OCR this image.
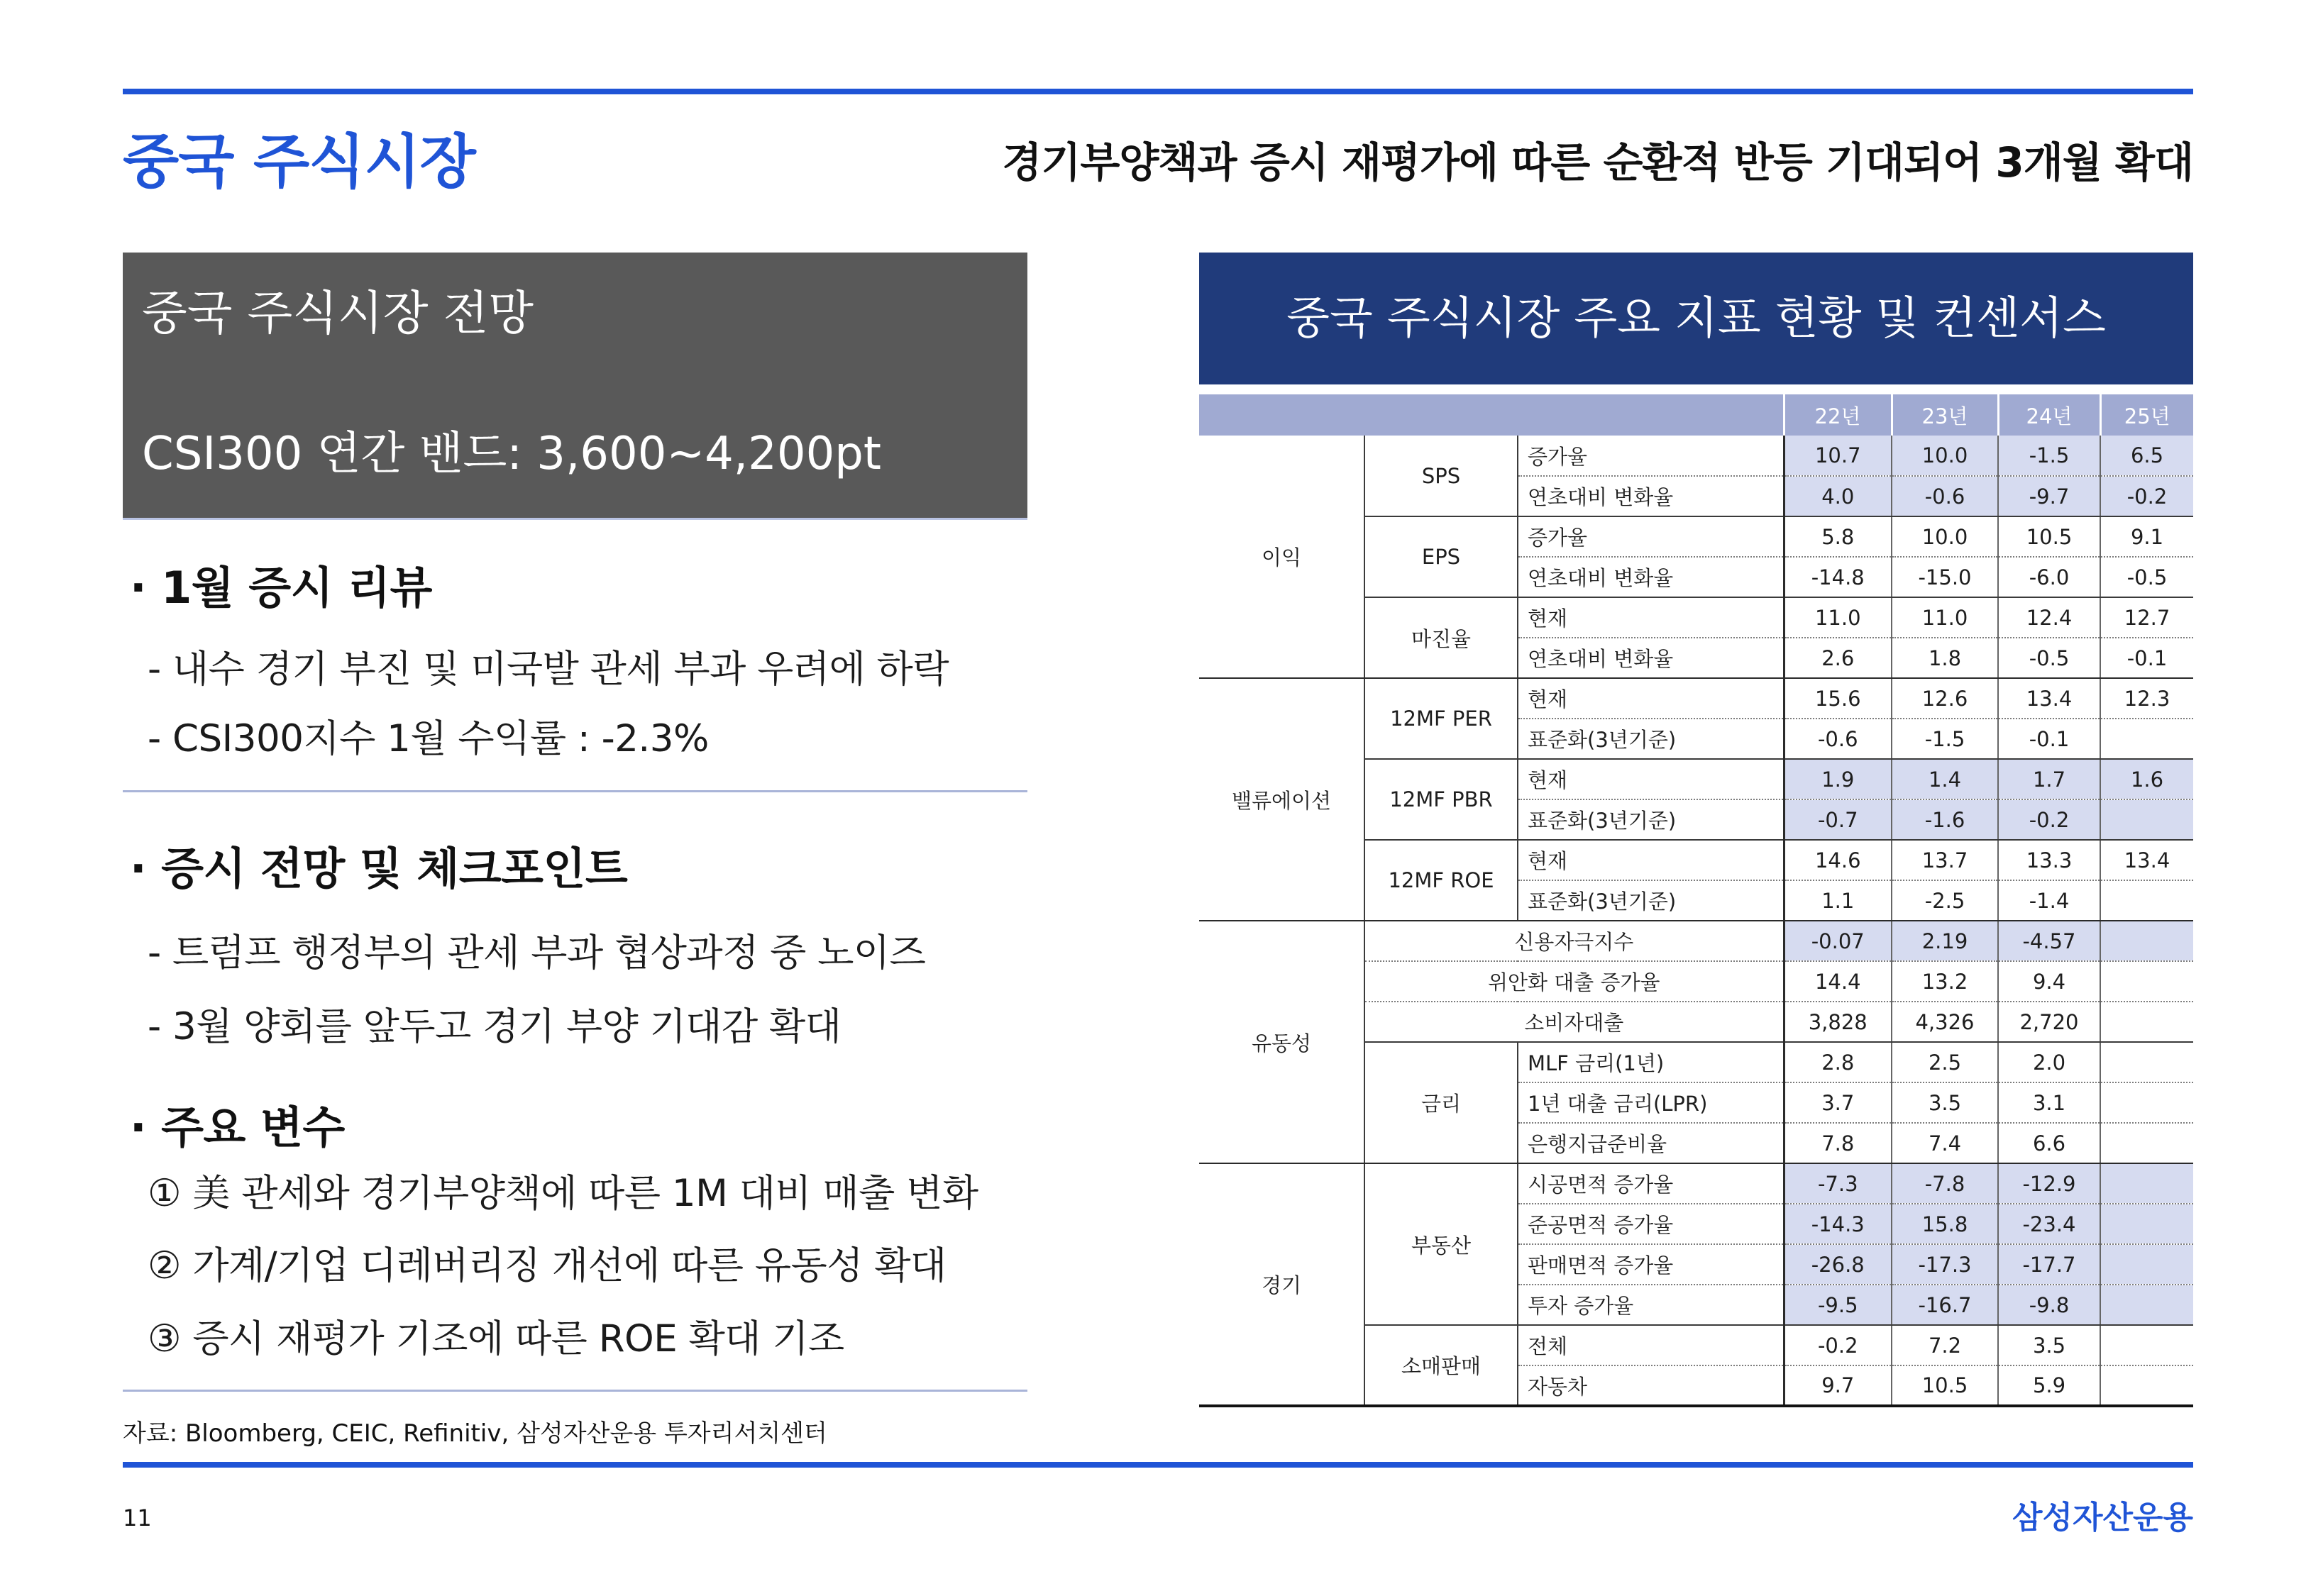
중국 주식시장	경기부양책과 증시 재평가에 따른 순환적 반등 기대되어 3개월 확대
중국 주식시장 전망
CSI300 연간 밴드: 3,600~4,200pt
· 1월 증시 리뷰
- 내수 경기 부진 및 미국발 관세 부과 우려에 하락
- CSI300지수 1월 수익률 : -2.3%
· 증시 전망 및 체크포인트
- 트럼프 행정부의 관세 부과 협상과정 중 노이즈
- 3월 양회를 앞두고 경기 부양 기대감 확대
· 주요 변수
① 美 관세와 경기부양책에 따른 1M 대비 매출 변화
② 가계/기업 디레버리징 개선에 따른 유동성 확대
③ 증시 재평가 기조에 따른 ROE 확대 기조
중국 주식시장 주요 지표 현황 및 컨센서스
			22년	23년	24년	25년
이익	SPS	증가율	10.7	10.0	-1.5	6.5
		연초대비 변화율	4.0	-0.6	-9.7	-0.2
	EPS	증가율	5.8	10.0	10.5	9.1
		연초대비 변화율	-14.8	-15.0	-6.0	-0.5
	마진율	현재	11.0	11.0	12.4	12.7
		연초대비 변화율	2.6	1.8	-0.5	-0.1
밸류에이션	12MF PER	현재	15.6	12.6	13.4	12.3
		표준화(3년기준)	-0.6	-1.5	-0.1	
	12MF PBR	현재	1.9	1.4	1.7	1.6
		표준화(3년기준)	-0.7	-1.6	-0.2	
	12MF ROE	현재	14.6	13.7	13.3	13.4
		표준화(3년기준)	1.1	-2.5	-1.4	
유동성	신용자극지수		-0.07	2.19	-4.57	
	위안화 대출 증가율		14.4	13.2	9.4	
	소비자대출		3,828	4,326	2,720	
	금리	MLF 금리(1년)	2.8	2.5	2.0	
		1년 대출 금리(LPR)	3.7	3.5	3.1	
		은행지급준비율	7.8	7.4	6.6	
경기	부동산	시공면적 증가율	-7.3	-7.8	-12.9	
		준공면적 증가율	-14.3	15.8	-23.4	
		판매면적 증가율	-26.8	-17.3	-17.7	
		투자 증가율	-9.5	-16.7	-9.8	
	소매판매	전체	-0.2	7.2	3.5	
		자동차	9.7	10.5	5.9	
자료: Bloomberg, CEIC, Refinitiv, 삼성자산운용 투자리서치센터
11	삼성자산운용
